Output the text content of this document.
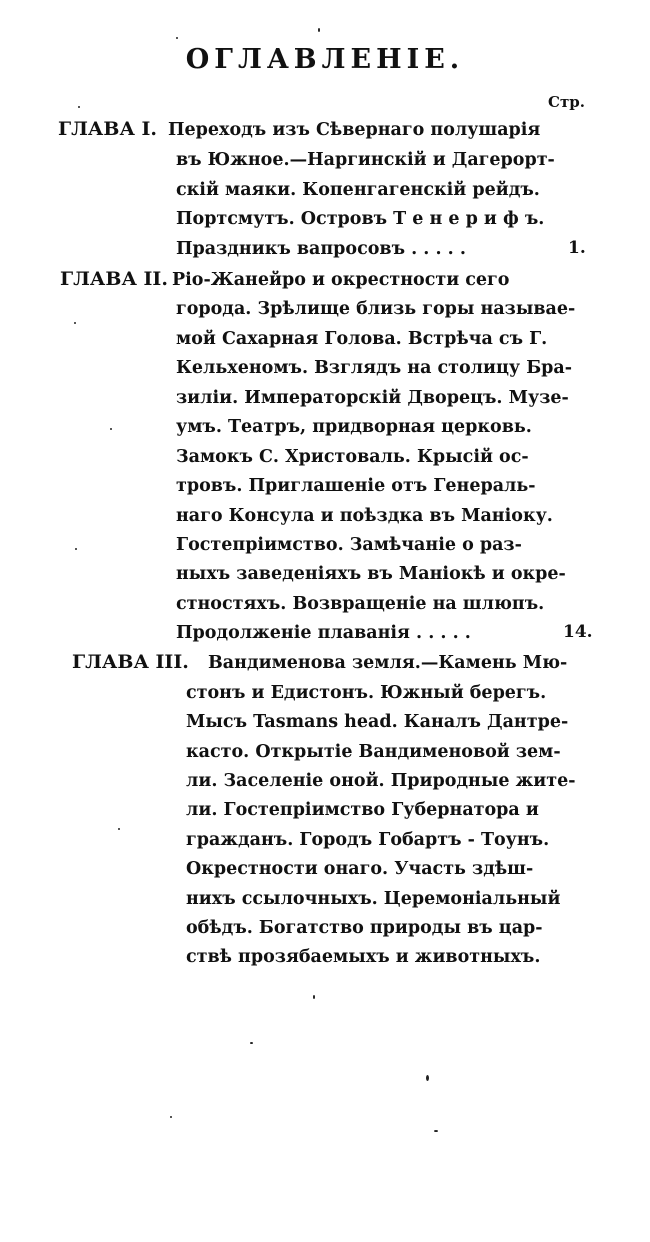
ОГЛАВЛЕНІЕ.
Стр.
ГЛАВА I. Переходъ изъ Сѣвернаго полушарія
въ Южное.—Наргинскій и Дагерорт-
скій маяки. Копенгагенскій рейдъ.
Портсмутъ. Островъ Т е н е р и ф ъ.
Праздникъ вапросовъ . . . . .	1.
ГЛАВА II. Ріо-Жанейро и окрестности сего
города. Зрѣлище близь горы называе-
мой Сахарная Голова. Встрѣча съ Г.
Кельхеномъ. Взглядъ на столицу Бра-
зиліи. Императорскій Дворецъ. Музе-
умъ. Театръ, придворная церковь.
Замокъ С. Христоваль. Крысій ос-
тровъ. Приглашеніе отъ Генераль-
наго Консула и поѣздка въ Маніоку.
Гостепріимство. Замѣчаніе о раз-
ныхъ заведеніяхъ въ Маніокѣ и окре-
стностяхъ. Возвращеніе на шлюпъ.
Продолженіе плаванія . . . . .	14.
ГЛАВА III. Вандименова земля.—Камень Мю-
стонъ и Едистонъ. Южный берегъ.
Мысъ Tasmans head. Каналъ Дантре-
касто. Открытіе Вандименовой зем-
ли. Заселеніе оной. Природные жите-
ли. Гостепріимство Губернатора и
гражданъ. Городъ Гобартъ - Тоунъ.
Окрестности онаго. Участь здѣш-
нихъ ссылочныхъ. Церемоніальный
обѣдъ. Богатство природы въ цар-
ствѣ прозябаемыхъ и животныхъ.
